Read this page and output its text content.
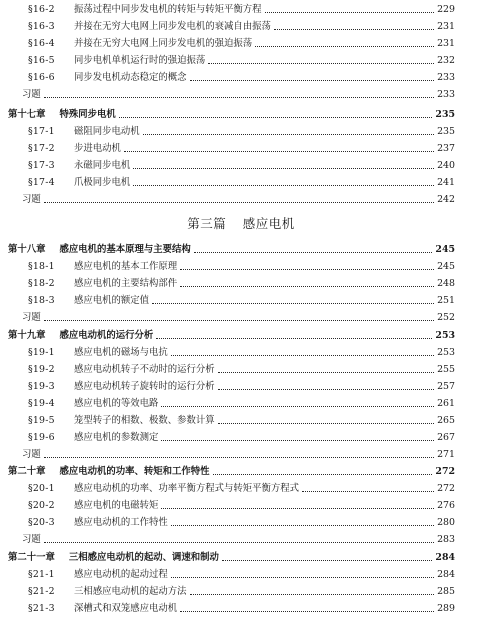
第三篇 感应电机
§16-2	振荡过程中同步发电机的转矩与转矩平衡方程	229
§16-3	并接在无穷大电网上同步发电机的衰减自由振荡	231
§16-4	并接在无穷大电网上同步发电机的强迫振荡	231
§16-5	同步电机单机运行时的强迫振荡	232
§16-6	同步发电机动态稳定的概念	233
习题	233
第十七章 特殊同步电机	235
§17-1	磁阻同步电动机	235
§17-2	步进电动机	237
§17-3	永磁同步电机	240
§17-4	爪极同步电机	241
习题	242
第十八章 感应电机的基本原理与主要结构	245
§18-1	感应电机的基本工作原理	245
§18-2	感应电机的主要结构部件	248
§18-3	感应电机的额定值	251
习题	252
第十九章 感应电动机的运行分析	253
§19-1	感应电机的磁场与电抗	253
§19-2	感应电动机转子不动时的运行分析	255
§19-3	感应电动机转子旋转时的运行分析	257
§19-4	感应电机的等效电路	261
§19-5	笼型转子的相数、极数、参数计算	265
§19-6	感应电机的参数测定	267
习题	271
第二十章 感应电动机的功率、转矩和工作特性	272
§20-1	感应电动机的功率、功率平衡方程式与转矩平衡方程式	272
§20-2	感应电机的电磁转矩	276
§20-3	感应电动机的工作特性	280
习题	283
第二十一章 三相感应电动机的起动、调速和制动	284
§21-1	感应电动机的起动过程	284
§21-2	三相感应电动机的起动方法	285
§21-3	深槽式和双笼感应电动机	289
